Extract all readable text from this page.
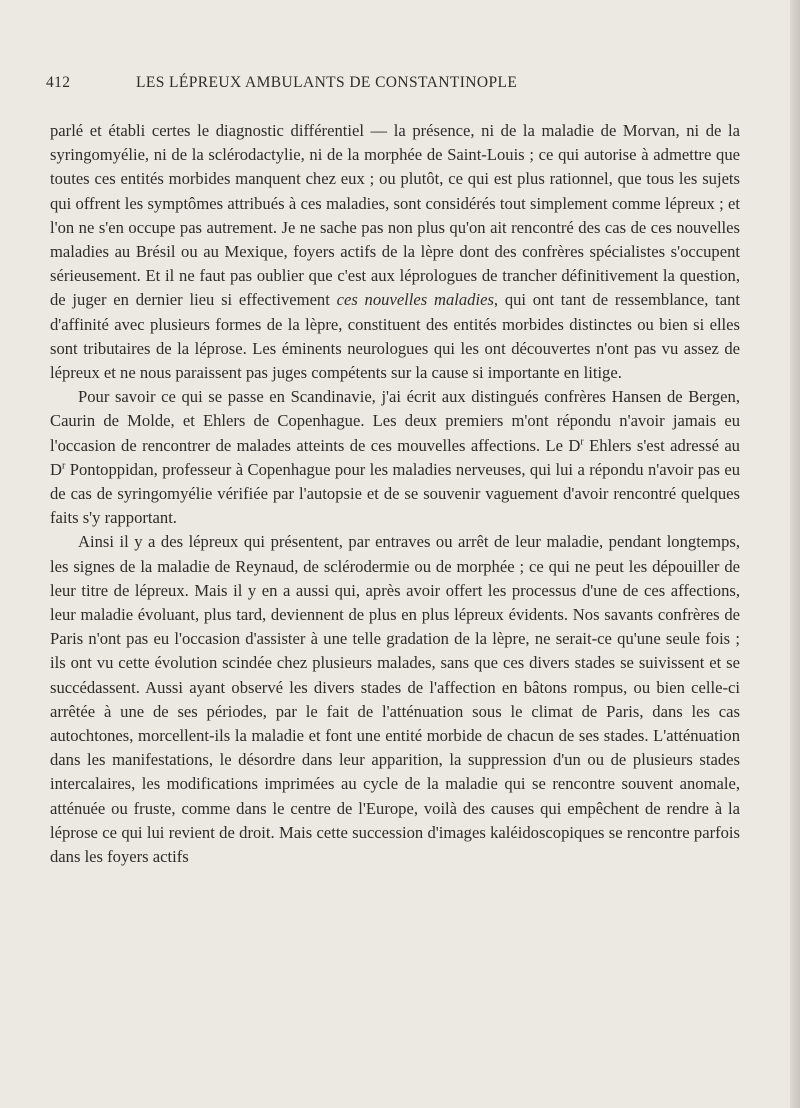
412	LES LÉPREUX AMBULANTS DE CONSTANTINOPLE

parlé et établi certes le diagnostic différentiel — la présence, ni de la maladie de Morvan, ni de la syringomyélie, ni de la sclérodactylie, ni de la morphée de Saint-Louis ; ce qui autorise à admettre que toutes ces entités morbides manquent chez eux ; ou plutôt, ce qui est plus rationnel, que tous les sujets qui offrent les symptômes attribués à ces maladies, sont considérés tout simplement comme lépreux ; et l'on ne s'en occupe pas autrement. Je ne sache pas non plus qu'on ait rencontré des cas de ces nouvelles maladies au Brésil ou au Mexique, foyers actifs de la lèpre dont des confrères spécialistes s'occupent sérieusement. Et il ne faut pas oublier que c'est aux léprologues de trancher définitivement la question, de juger en dernier lieu si effectivement ces nouvelles maladies, qui ont tant de ressemblance, tant d'affinité avec plusieurs formes de la lèpre, constituent des entités morbides distinctes ou bien si elles sont tributaires de la léprose. Les éminents neurologues qui les ont découvertes n'ont pas vu assez de lépreux et ne nous paraissent pas juges compétents sur la cause si importante en litige.

Pour savoir ce qui se passe en Scandinavie, j'ai écrit aux distingués confrères Hansen de Bergen, Caurin de Molde, et Ehlers de Copenhague. Les deux premiers m'ont répondu n'avoir jamais eu l'occasion de rencontrer de malades atteints de ces mouvelles affections. Le $D^r$ Ehlers s'est adressé au $D^r$ Pontoppidan, professeur à Copenhague pour les maladies nerveuses, qui lui a répondu n'avoir pas eu de cas de syringomyélie vérifiée par l'autopsie et de se souvenir vaguement d'avoir rencontré quelques faits s'y rapportant.

Ainsi il y a des lépreux qui présentent, par entraves ou arrêt de leur maladie, pendant longtemps, les signes de la maladie de Reynaud, de sclérodermie ou de morphée ; ce qui ne peut les dépouiller de leur titre de lépreux. Mais il y en a aussi qui, après avoir offert les processus d'une de ces affections, leur maladie évoluant, plus tard, deviennent de plus en plus lépreux évidents. Nos savants confrères de Paris n'ont pas eu l'occasion d'assister à une telle gradation de la lèpre, ne serait-ce qu'une seule fois ; ils ont vu cette évolution scindée chez plusieurs malades, sans que ces divers stades se suivissent et se succédassent. Aussi ayant observé les divers stades de l'affection en bâtons rompus, ou bien celle-ci arrêtée à une de ses périodes, par le fait de l'atténuation sous le climat de Paris, dans les cas autochtones, morcellent-ils la maladie et font une entité morbide de chacun de ses stades. L'atténuation dans les manifestations, le désordre dans leur apparition, la suppression d'un ou de plusieurs stades intercalaires, les modifications imprimées au cycle de la maladie qui se rencontre souvent anomale, atténuée ou fruste, comme dans le centre de l'Europe, voilà des causes qui empêchent de rendre à la léprose ce qui lui revient de droit. Mais cette succession d'images kaléidoscopiques se rencontre parfois dans les foyers actifs
